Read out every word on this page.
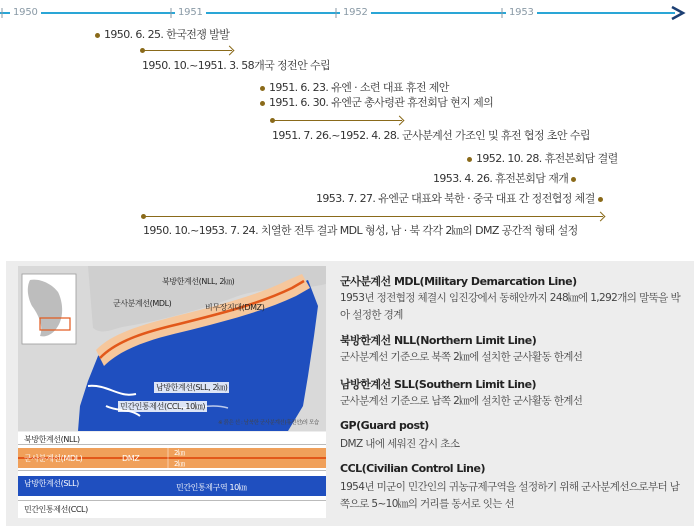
1950	1951	1952	1953
1950. 6. 25. 한국전쟁 발발
1950. 10.~1951. 3. 58개국 정전안 수립
1951. 6. 23. 유엔 · 소련 대표 휴전 제안
1951. 6. 30. 유엔군 총사령관 휴전회담 현지 제의
1951. 7. 26.~1952. 4. 28. 군사분계선 가조인 및 휴전 협정 초안 수립
1952. 10. 28. 휴전본회담 결렬
1953. 4. 26. 휴전본회담 재개
1953. 7. 27. 유엔군 대표와 북한 · 중국 대표 간 정전협정 체결
1950. 10.~1953. 7. 24. 치열한 전투 결과 MDL 형성, 남 · 북 각각 2㎞의 DMZ 공간적 형태 설정
북방한계선(NLL, 2㎞)
군사분계선(MDL)	비무장지대(DMZ)
남방한계선(SLL, 2㎞)
민간인통제선(CCL, 10㎞)
※ 붉은 선 : 남북한 군사분계선(휴전선)의 모습
북방한계선(NLL)
군사분계선(MDL)	DMZ
2㎞
2㎞
남방한계선(SLL)	민간인통제구역 10㎞
민간인통제선(CCL)
군사분계선 MDL(Military Demarcation Line)
1953년 정전협정 체결시 임진강에서 동해안까지 248㎞에 1,292개의 말뚝을 박아 설정한 경계
북방한계선 NLL(Northern Limit Line)
군사분계선 기준으로 북쪽 2㎞에 설치한 군사활동 한계선
남방한계선 SLL(Southern Limit Line)
군사분계선 기준으로 남쪽 2㎞에 설치한 군사활동 한계선
GP(Guard post)
DMZ 내에 세워진 감시 초소
CCL(Civilian Control Line)
1954년 미군이 민간인의 귀농규제구역을 설정하기 위해 군사분계선으로부터 남쪽으로 5~10㎞의 거리를 동서로 잇는 선
